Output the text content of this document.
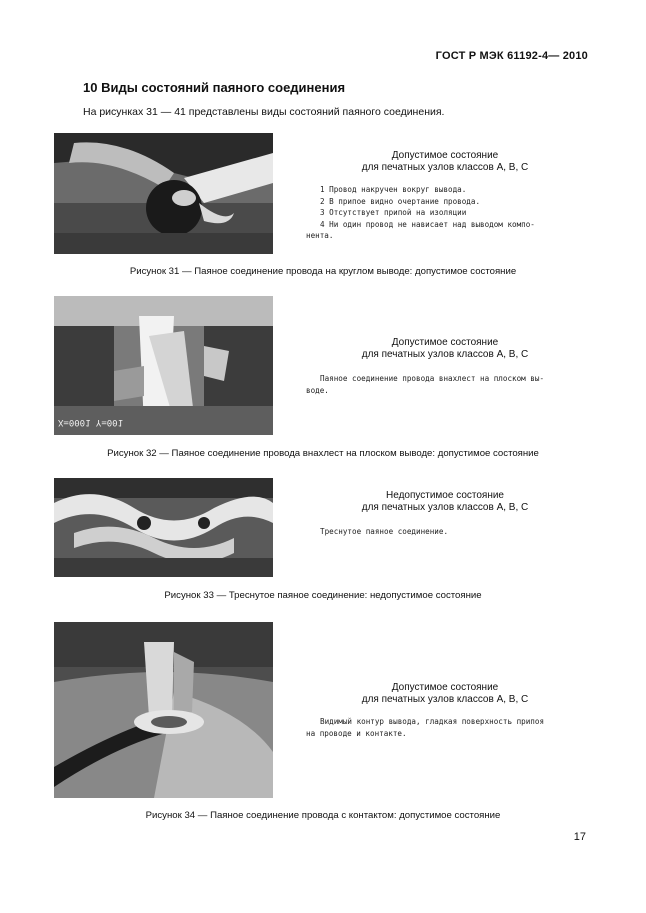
ГОСТ Р МЭК 61192-4— 2010
10 Виды состояний паяного соединения
На рисунках 31 — 41 представлены виды состояний паяного соединения.
Допустимое состояние
для печатных узлов классов А, В, С
1 Провод накручен вокруг вывода.
2 В припое видно очертание провода.
3 Отсутствует припой на изоляции
4 Ни один провод не нависает над выводом компо-
нента.
Рисунок 31 — Паяное соединение провода на круглом выводе: допустимое состояние
X=0001 Y=001
Допустимое состояние
для печатных узлов классов А, В, С
Паяное соединение провода внахлест на плоском вы-
воде.
Рисунок 32 — Паяное соединение провода внахлест на плоском выводе: допустимое состояние
Недопустимое состояние
для печатных узлов классов А, В, С
Треснутое паяное соединение.
Рисунок 33 — Треснутое паяное соединение: недопустимое состояние
Допустимое состояние
для печатных узлов классов А, В, С
Видимый контур вывода, гладкая поверхность припоя
на проводе и контакте.
Рисунок 34 — Паяное соединение провода с контактом: допустимое состояние
17
